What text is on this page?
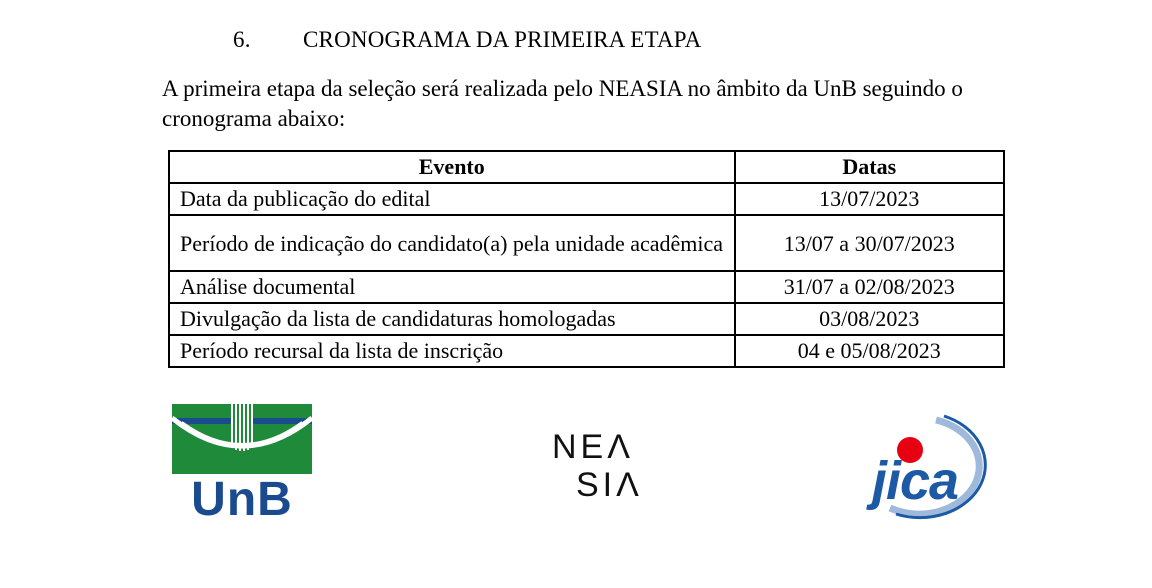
6. CRONOGRAMA DA PRIMEIRA ETAPA
A primeira etapa da seleção será realizada pelo NEASIA no âmbito da UnB seguindo o cronograma abaixo:
Evento	Datas
Data da publicação do edital	13/07/2023
Período de indicação do candidato(a) pela unidade acadêmica	13/07 a 30/07/2023
Análise documental	31/07 a 02/08/2023
Divulgação da lista de candidaturas homologadas	03/08/2023
Período recursal da lista de inscrição	04 e 05/08/2023
UnB
NEΛ
SIΛ	jica
